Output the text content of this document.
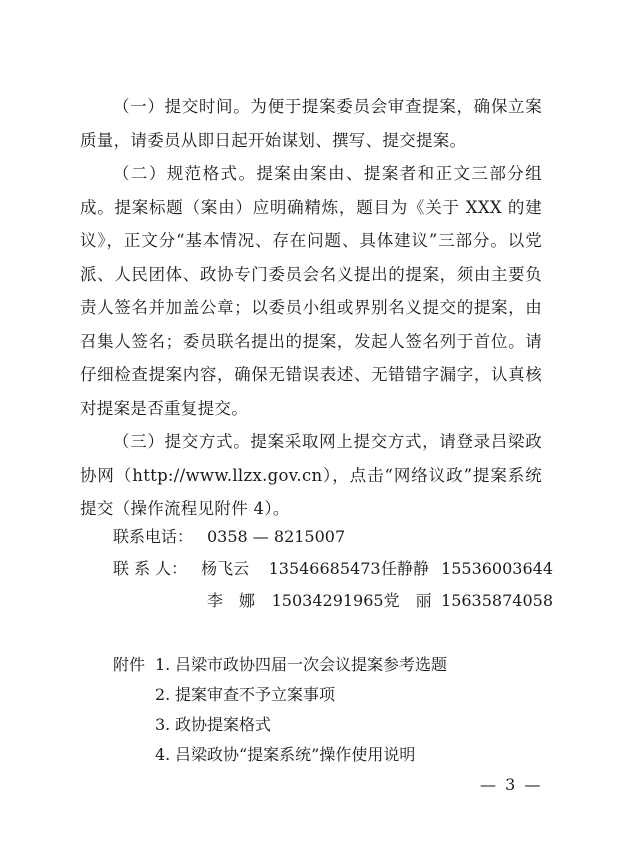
（一）提交时间。为便于提案委员会审查提案，确保立案质量，请委员从即日起开始谋划、撰写、提交提案。

（二）规范格式。提案由案由、提案者和正文三部分组成。提案标题（案由）应明确精炼，题目为《关于 XXX 的建议》，正文分“基本情况、存在问题、具体建议”三部分。以党派、人民团体、政协专门委员会名义提出的提案，须由主要负责人签名并加盖公章；以委员小组或界别名义提交的提案，由召集人签名；委员联名提出的提案，发起人签名列于首位。请仔细检查提案内容，确保无错误表述、无错错字漏字，认真核对提案是否重复提交。

（三）提交方式。提案采取网上提交方式，请登录吕梁政协网（http://www.llzx.gov.cn），点击“网络议政”提案系统提交（操作流程见附件 4）。

联系电话： 0358 — 8215007
联 系 人： 杨飞云	13546685473 任静静 15536003644
李　娜	15034291965 党　丽 15635874058
附件 1. 吕梁市政协四届一次会议提案参考选题
2. 提案审查不予立案事项
3. 政协提案格式
4. 吕梁政协“提案系统”操作使用说明
— 3 —
